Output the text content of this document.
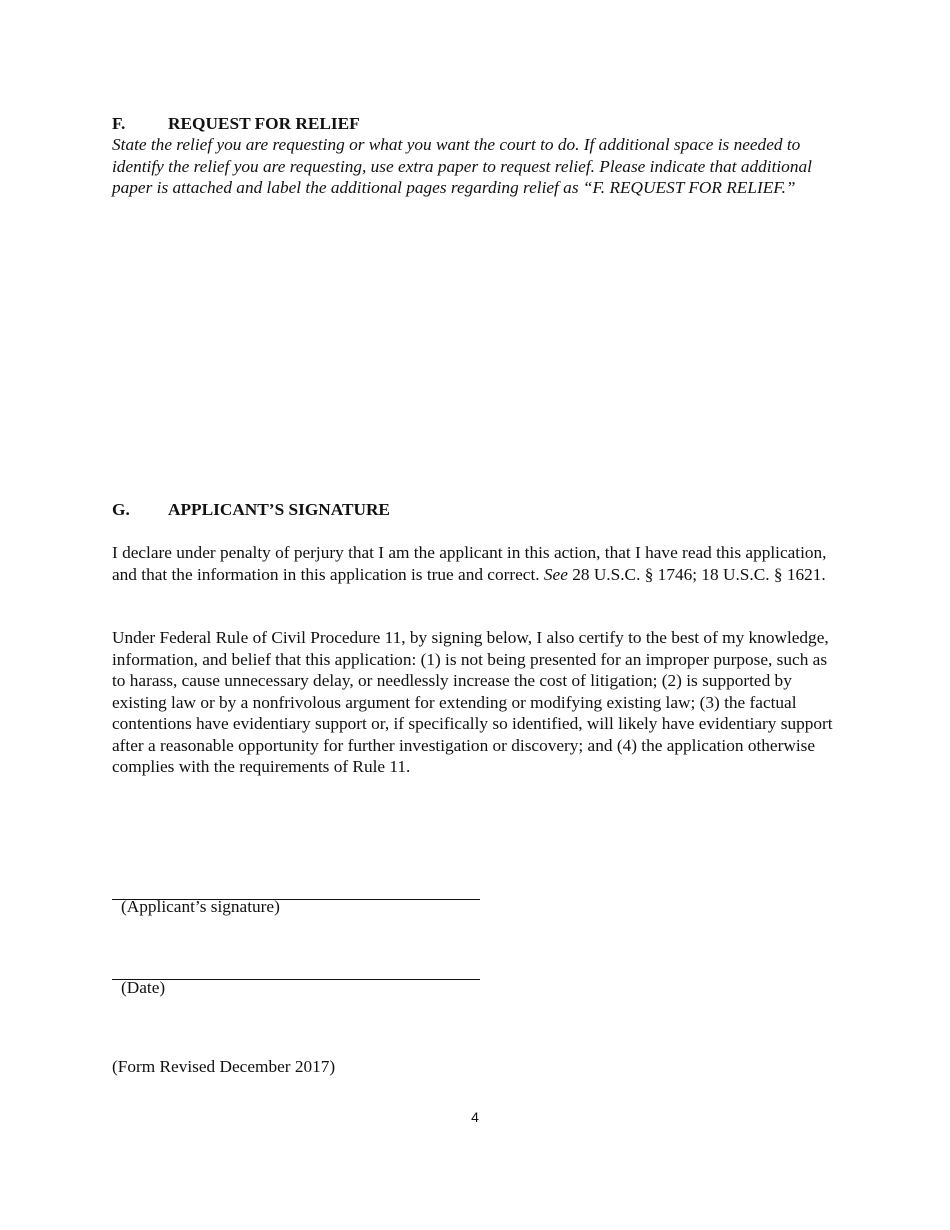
F. REQUEST FOR RELIEF

State the relief you are requesting or what you want the court to do. If additional space is needed to identify the relief you are requesting, use extra paper to request relief. Please indicate that additional paper is attached and label the additional pages regarding relief as “F. REQUEST FOR RELIEF.”

G. APPLICANT’S SIGNATURE

I declare under penalty of perjury that I am the applicant in this action, that I have read this application, and that the information in this application is true and correct. See 28 U.S.C. § 1746; 18 U.S.C. § 1621.

Under Federal Rule of Civil Procedure 11, by signing below, I also certify to the best of my knowledge, information, and belief that this application: (1) is not being presented for an improper purpose, such as to harass, cause unnecessary delay, or needlessly increase the cost of litigation; (2) is supported by existing law or by a nonfrivolous argument for extending or modifying existing law; (3) the factual contentions have evidentiary support or, if specifically so identified, will likely have evidentiary support after a reasonable opportunity for further investigation or discovery; and (4) the application otherwise complies with the requirements of Rule 11.

(Applicant’s signature)
(Date)
(Form Revised December 2017)
4
